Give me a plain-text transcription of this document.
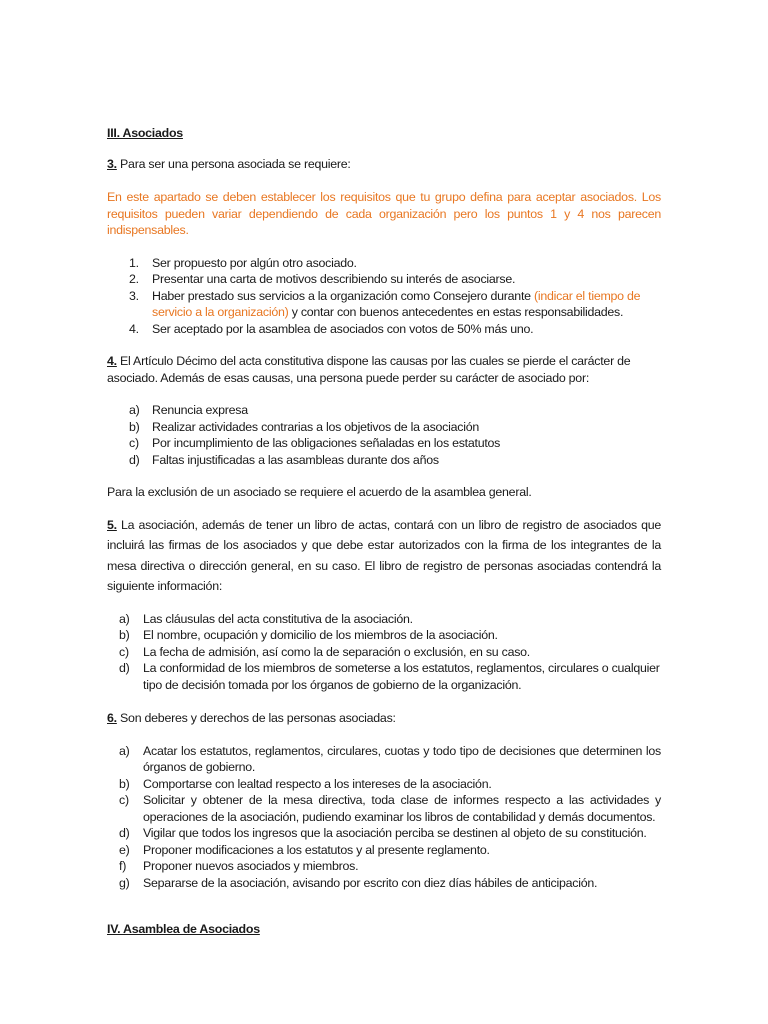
III. Asociados

3. Para ser una persona asociada se requiere:

En este apartado se deben establecer los requisitos que tu grupo defina para aceptar asociados. Los requisitos pueden variar dependiendo de cada organización pero los puntos 1 y 4 nos parecen indispensables.

1. Ser propuesto por algún otro asociado.
2. Presentar una carta de motivos describiendo su interés de asociarse.
3. Haber prestado sus servicios a la organización como Consejero durante (indicar el tiempo de servicio a la organización) y contar con buenos antecedentes en estas responsabilidades.
4. Ser aceptado por la asamblea de asociados con votos de 50% más uno.

4. El Artículo Décimo del acta constitutiva dispone las causas por las cuales se pierde el carácter de asociado. Además de esas causas, una persona puede perder su carácter de asociado por:

a) Renuncia expresa
b) Realizar actividades contrarias a los objetivos de la asociación
c) Por incumplimiento de las obligaciones señaladas en los estatutos
d) Faltas injustificadas a las asambleas durante dos años

Para la exclusión de un asociado se requiere el acuerdo de la asamblea general.

5. La asociación, además de tener un libro de actas, contará con un libro de registro de asociados que incluirá las firmas de los asociados y que debe estar autorizados con la firma de los integrantes de la mesa directiva o dirección general, en su caso. El libro de registro de personas asociadas contendrá la siguiente información:

a) Las cláusulas del acta constitutiva de la asociación.
b) El nombre, ocupación y domicilio de los miembros de la asociación.
c) La fecha de admisión, así como la de separación o exclusión, en su caso.
d) La conformidad de los miembros de someterse a los estatutos, reglamentos, circulares o cualquier tipo de decisión tomada por los órganos de gobierno de la organización.

6. Son deberes y derechos de las personas asociadas:

a) Acatar los estatutos, reglamentos, circulares, cuotas y todo tipo de decisiones que determinen los órganos de gobierno.
b) Comportarse con lealtad respecto a los intereses de la asociación.
c) Solicitar y obtener de la mesa directiva, toda clase de informes respecto a las actividades y operaciones de la asociación, pudiendo examinar los libros de contabilidad y demás documentos.
d) Vigilar que todos los ingresos que la asociación perciba se destinen al objeto de su constitución.
e) Proponer modificaciones a los estatutos y al presente reglamento.
f) Proponer nuevos asociados y miembros.
g) Separarse de la asociación, avisando por escrito con diez días hábiles de anticipación.

IV. Asamblea de Asociados
